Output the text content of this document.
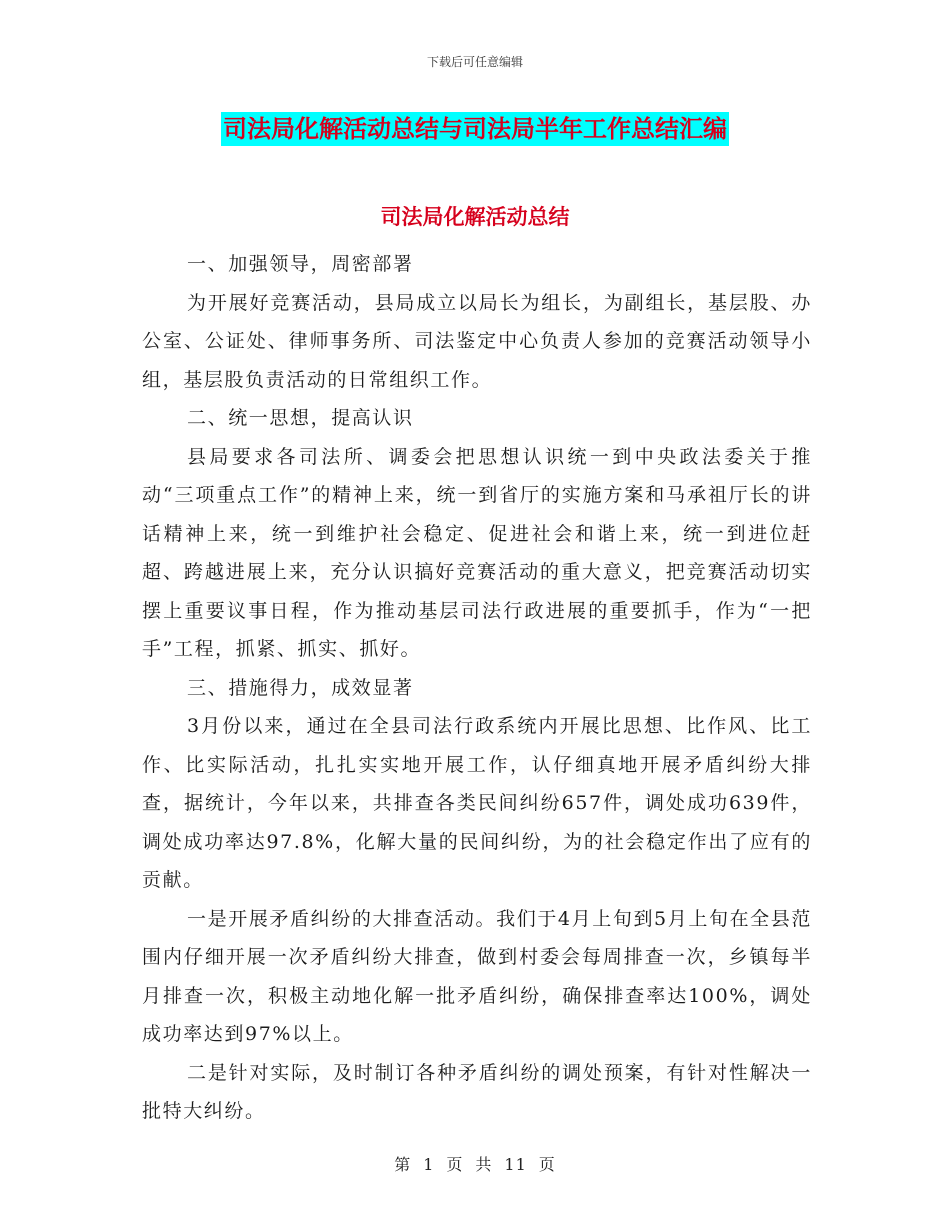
下载后可任意编辑
司法局化解活动总结与司法局半年工作总结汇编
司法局化解活动总结

一、加强领导，周密部署

为开展好竞赛活动，县局成立以局长为组长，为副组长，基层股、办公室、公证处、律师事务所、司法鉴定中心负责人参加的竞赛活动领导小组，基层股负责活动的日常组织工作。

二、统一思想，提高认识

县局要求各司法所、调委会把思想认识统一到中央政法委关于推动“三项重点工作”的精神上来，统一到省厅的实施方案和马承祖厅长的讲话精神上来，统一到维护社会稳定、促进社会和谐上来，统一到进位赶超、跨越进展上来，充分认识搞好竞赛活动的重大意义，把竞赛活动切实摆上重要议事日程，作为推动基层司法行政进展的重要抓手，作为“一把手”工程，抓紧、抓实、抓好。

三、措施得力，成效显著

3月份以来，通过在全县司法行政系统内开展比思想、比作风、比工作、比实际活动，扎扎实实地开展工作，认仔细真地开展矛盾纠纷大排查，据统计，今年以来，共排查各类民间纠纷657件，调处成功639件，调处成功率达97.8%，化解大量的民间纠纷，为的社会稳定作出了应有的贡献。

一是开展矛盾纠纷的大排查活动。我们于4月上旬到5月上旬在全县范围内仔细开展一次矛盾纠纷大排查，做到村委会每周排查一次，乡镇每半月排查一次，积极主动地化解一批矛盾纠纷，确保排查率达100%，调处成功率达到97%以上。

二是针对实际，及时制订各种矛盾纠纷的调处预案，有针对性解决一批特大纠纷。

第 1 页 共 11 页
